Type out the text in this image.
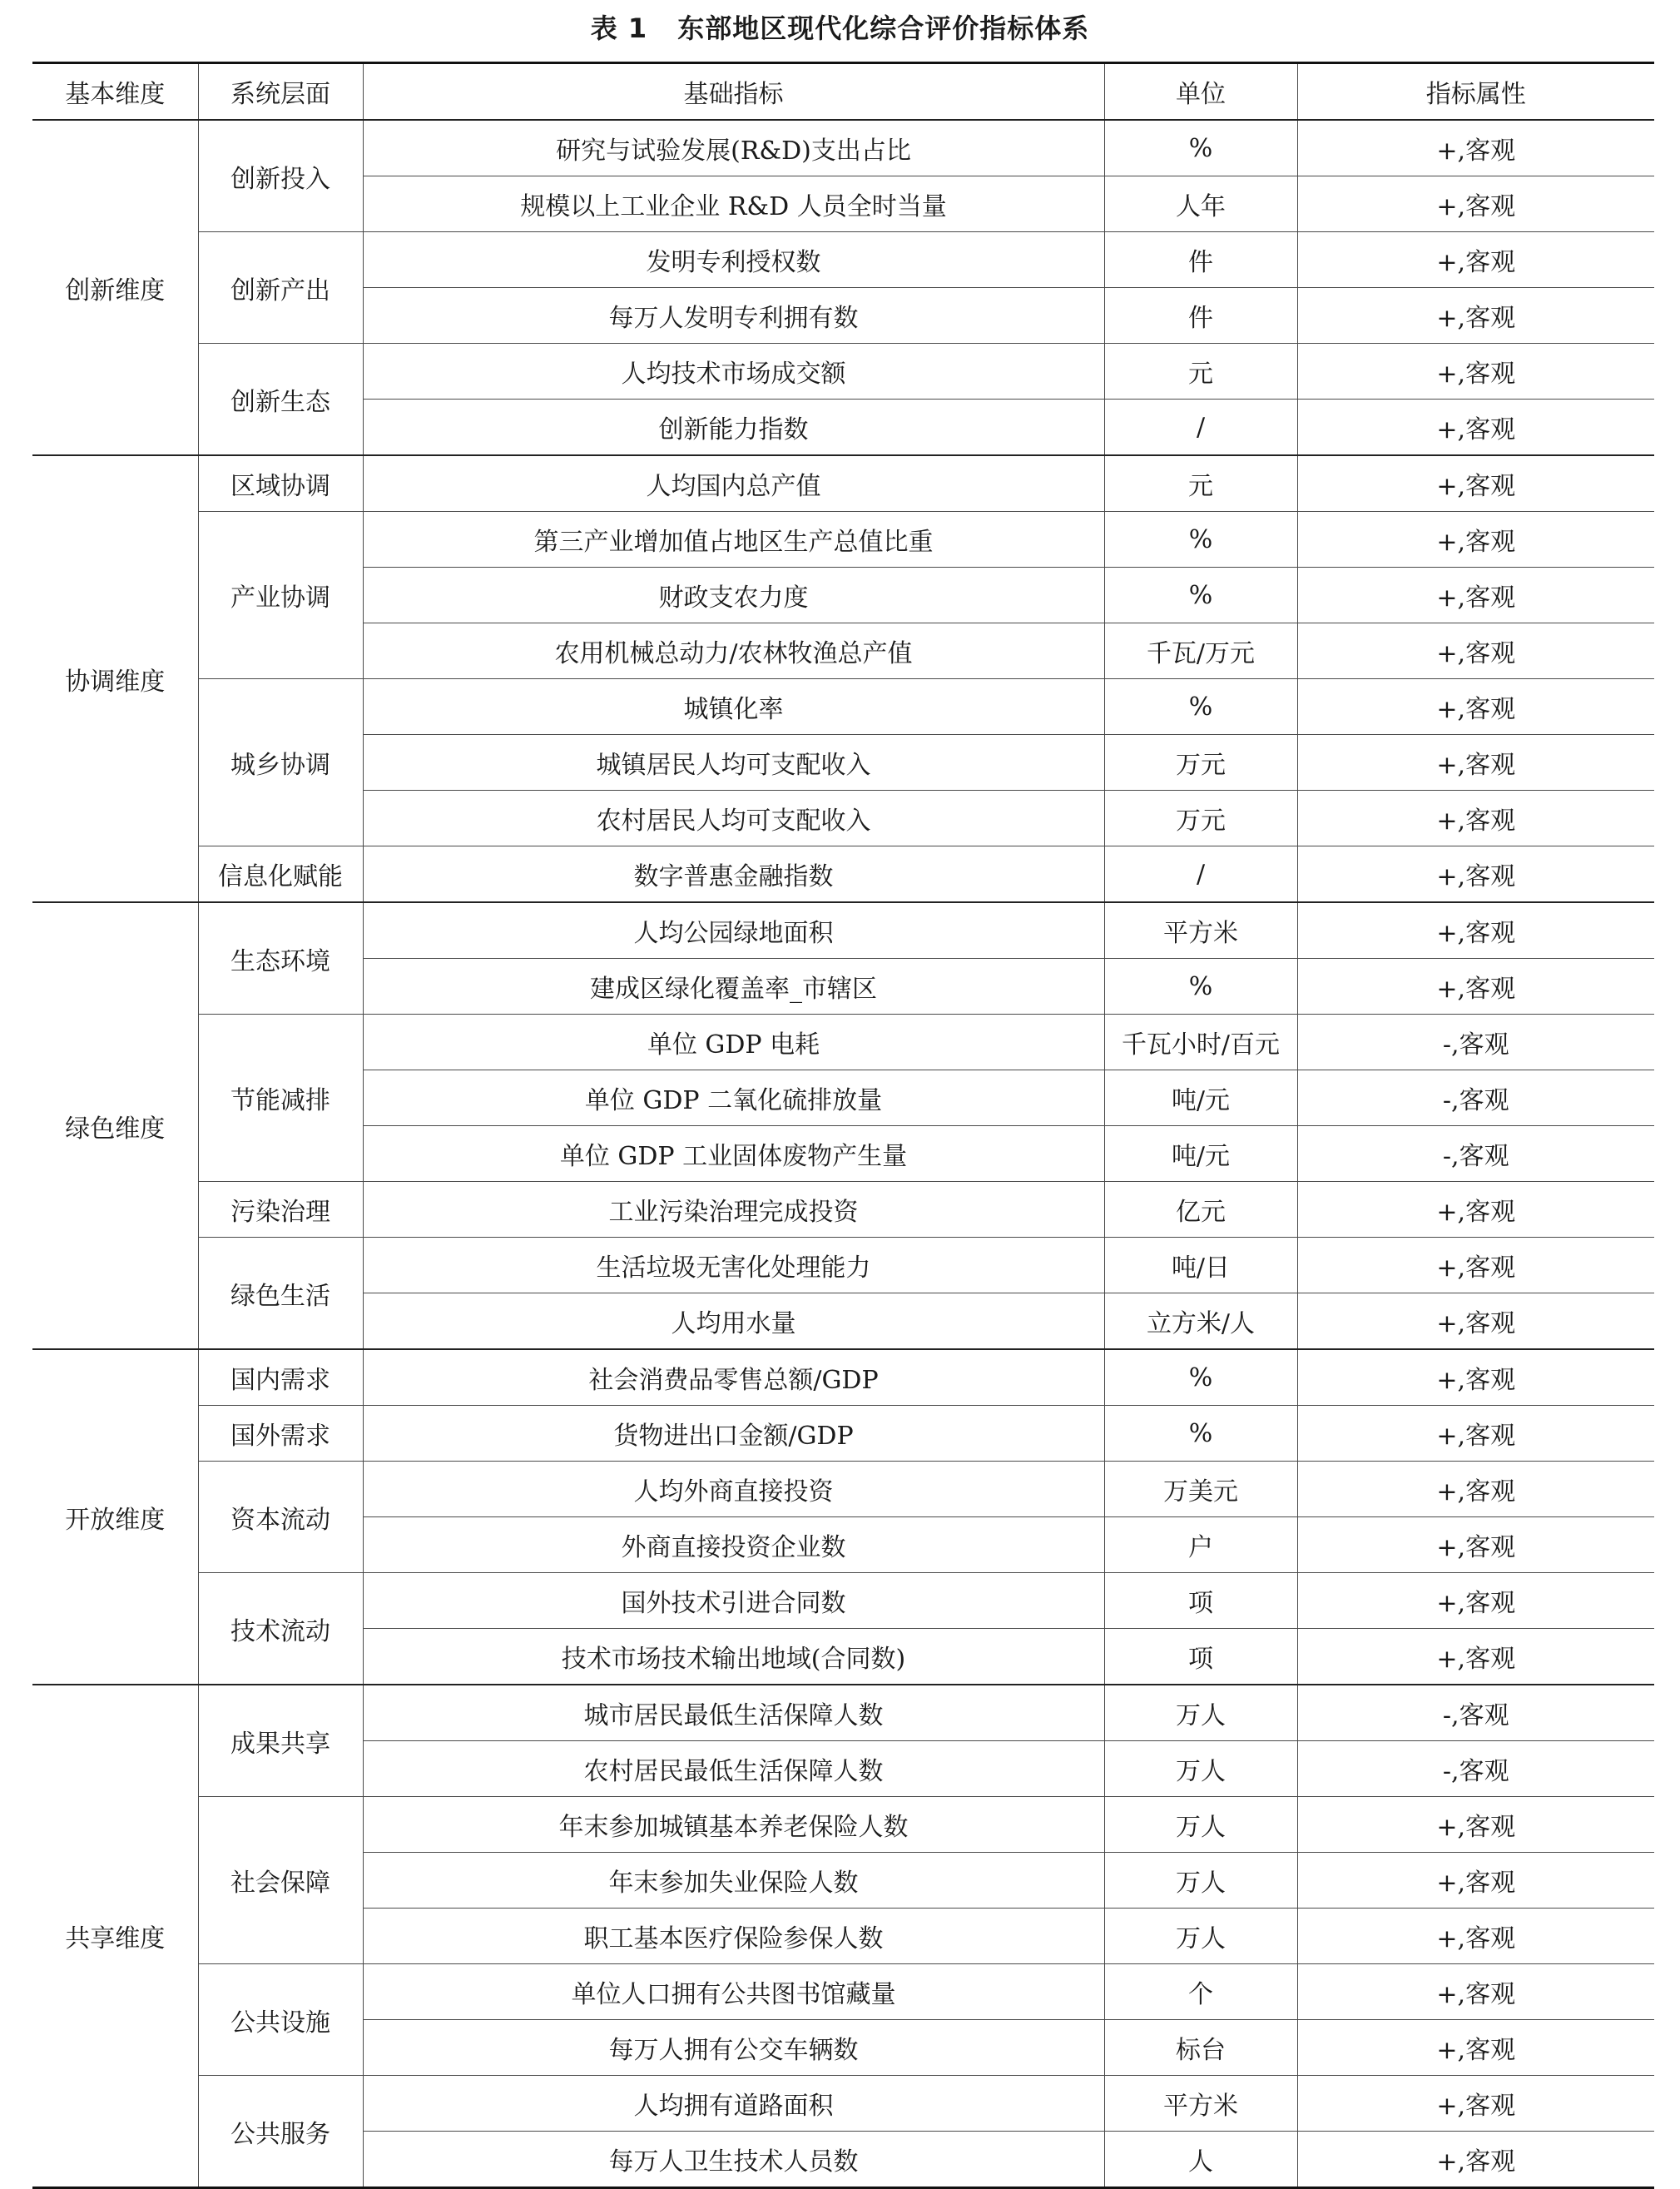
表 1 东部地区现代化综合评价指标体系
基本维度	系统层面	基础指标	单位	指标属性
创新维度	创新投入	研究与试验发展(R&D)支出占比	%	+,客观
		规模以上工业企业 R&D 人员全时当量	人年	+,客观
	创新产出	发明专利授权数	件	+,客观
		每万人发明专利拥有数	件	+,客观
	创新生态	人均技术市场成交额	元	+,客观
		创新能力指数	/	+,客观
协调维度	区域协调	人均国内总产值	元	+,客观
	产业协调	第三产业增加值占地区生产总值比重	%	+,客观
		财政支农力度	%	+,客观
		农用机械总动力/农林牧渔总产值	千瓦/万元	+,客观
	城乡协调	城镇化率	%	+,客观
		城镇居民人均可支配收入	万元	+,客观
		农村居民人均可支配收入	万元	+,客观
	信息化赋能	数字普惠金融指数	/	+,客观
绿色维度	生态环境	人均公园绿地面积	平方米	+,客观
		建成区绿化覆盖率_市辖区	%	+,客观
	节能减排	单位 GDP 电耗	千瓦小时/百元	-,客观
		单位 GDP 二氧化硫排放量	吨/元	-,客观
		单位 GDP 工业固体废物产生量	吨/元	-,客观
	污染治理	工业污染治理完成投资	亿元	+,客观
	绿色生活	生活垃圾无害化处理能力	吨/日	+,客观
		人均用水量	立方米/人	+,客观
开放维度	国内需求	社会消费品零售总额/GDP	%	+,客观
	国外需求	货物进出口金额/GDP	%	+,客观
	资本流动	人均外商直接投资	万美元	+,客观
		外商直接投资企业数	户	+,客观
	技术流动	国外技术引进合同数	项	+,客观
		技术市场技术输出地域(合同数)	项	+,客观
共享维度	成果共享	城市居民最低生活保障人数	万人	-,客观
		农村居民最低生活保障人数	万人	-,客观
	社会保障	年末参加城镇基本养老保险人数	万人	+,客观
		年末参加失业保险人数	万人	+,客观
		职工基本医疗保险参保人数	万人	+,客观
	公共设施	单位人口拥有公共图书馆藏量	个	+,客观
		每万人拥有公交车辆数	标台	+,客观
	公共服务	人均拥有道路面积	平方米	+,客观
		每万人卫生技术人员数	人	+,客观
